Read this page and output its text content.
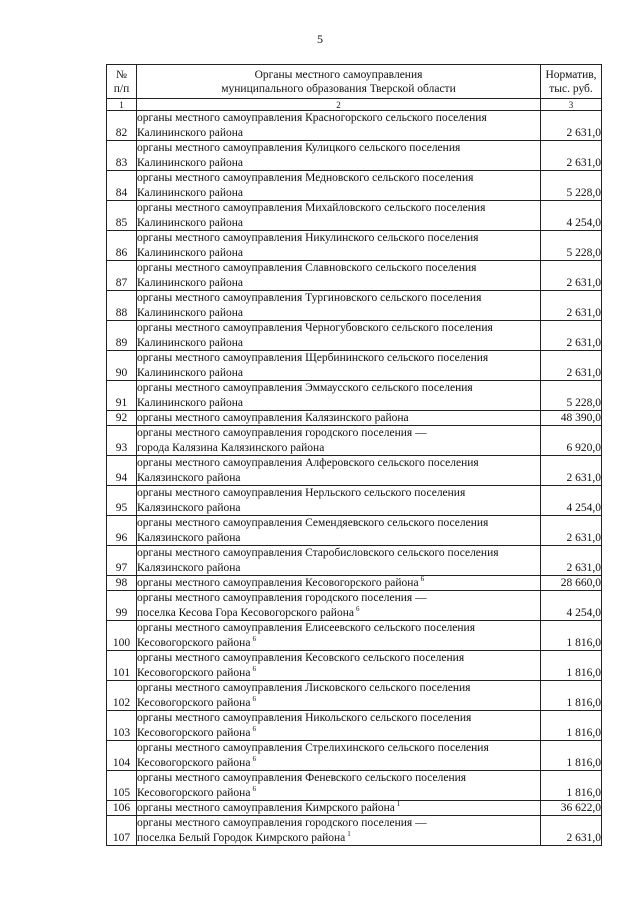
5
№
п/п	Органы местного самоуправления
муниципального образования Тверской области	Норматив,
тыс. руб.

1	2	3
82	органы местного самоуправления Красногорского сельского поселения
Калининского района	2 631,0
83	органы местного самоуправления Кулицкого сельского поселения
Калининского района	2 631,0
84	органы местного самоуправления Медновского сельского поселения
Калининского района	5 228,0
85	органы местного самоуправления Михайловского сельского поселения
Калининского района	4 254,0
86	органы местного самоуправления Никулинского сельского поселения
Калининского района	5 228,0
87	органы местного самоуправления Славновского сельского поселения
Калининского района	2 631,0
88	органы местного самоуправления Тургиновского сельского поселения
Калининского района	2 631,0
89	органы местного самоуправления Черногубовского сельского поселения
Калининского района	2 631,0
90	органы местного самоуправления Щербининского сельского поселения
Калининского района	2 631,0
91	органы местного самоуправления Эммаусского сельского поселения
Калининского района	5 228,0
92	органы местного самоуправления Калязинского района	48 390,0
93	органы местного самоуправления городского поселения —
города Калязина Калязинского района	6 920,0
94	органы местного самоуправления Алферовского сельского поселения
Калязинского района	2 631,0
95	органы местного самоуправления Нерльского сельского поселения
Калязинского района	4 254,0
96	органы местного самоуправления Семендяевского сельского поселения
Калязинского района	2 631,0
97	органы местного самоуправления Старобисловского сельского поселения
Калязинского района	2 631,0
98	органы местного самоуправления Кесовогорского района $^6$	28 660,0
99	органы местного самоуправления городского поселения —
поселка Кесова Гора Кесовогорского района $^6$	4 254,0
100	органы местного самоуправления Елисеевского сельского поселения
Кесовогорского района $^6$	1 816,0
101	органы местного самоуправления Кесовского сельского поселения
Кесовогорского района $^6$	1 816,0
102	органы местного самоуправления Лисковского сельского поселения
Кесовогорского района $^6$	1 816,0
103	органы местного самоуправления Никольского сельского поселения
Кесовогорского района $^6$	1 816,0
104	органы местного самоуправления Стрелихинского сельского поселения
Кесовогорского района $^6$	1 816,0
105	органы местного самоуправления Феневского сельского поселения
Кесовогорского района $^6$	1 816,0
106	органы местного самоуправления Кимрского района $^1$	36 622,0
107	органы местного самоуправления городского поселения —
поселка Белый Городок Кимрского района $^1$	2 631,0
